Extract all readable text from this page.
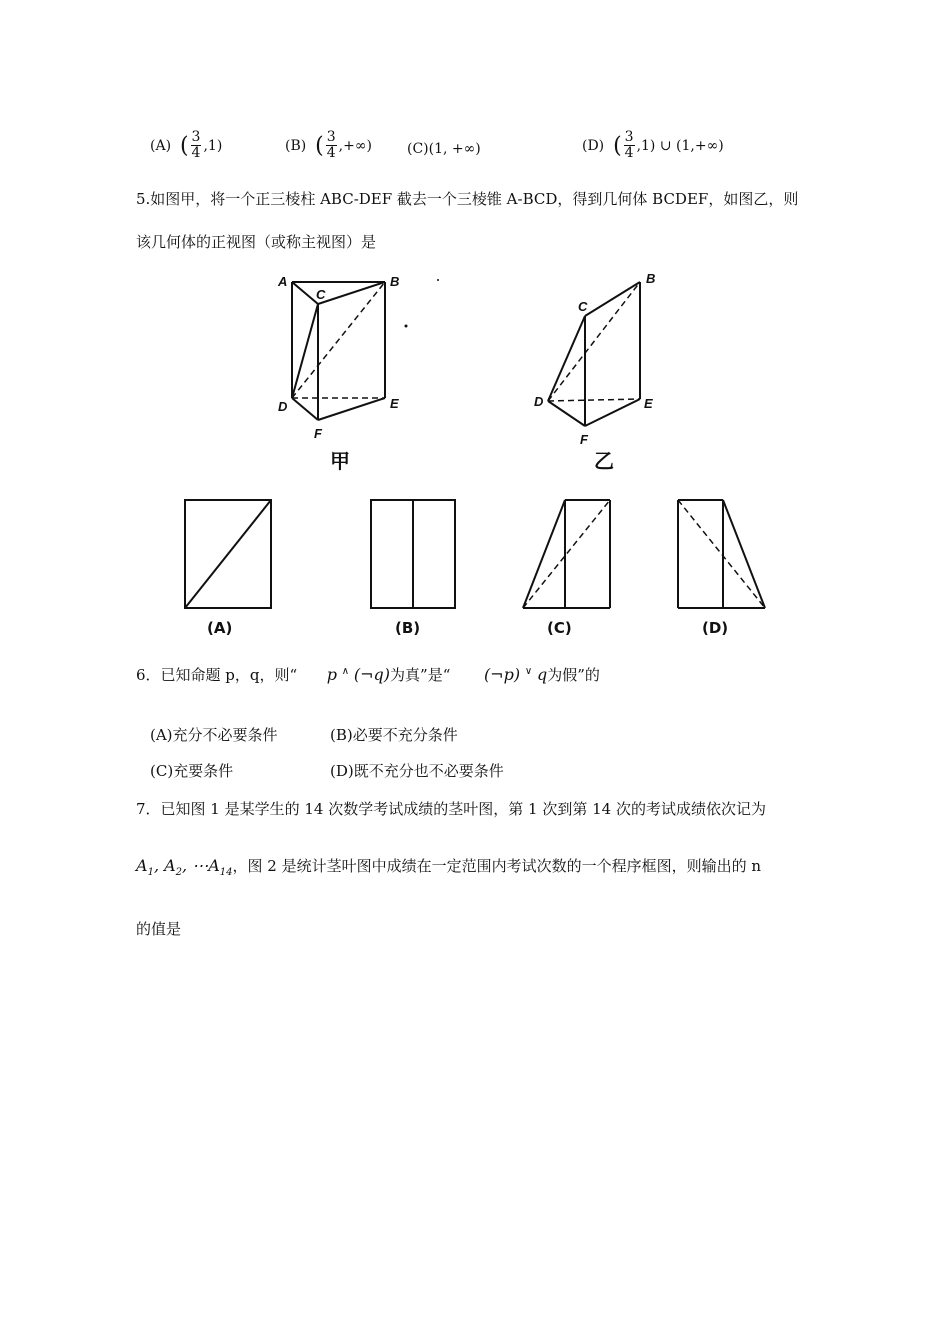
(A) ( $\frac{3}{4} ,1$)	(B) ( $\frac{3}{4}$ ,+∞)	(C)(1, +∞)	(D) ( $\frac{3}{4} ,1$) ∪ (1,+∞)
5.如图甲，将一个正三棱柱 ABC-DEF 截去一个三棱锥 A-BCD，得到几何体 BCDEF，如图乙，则
该几何体的正视图（或称主视图）是
A	B
C
D	E
F
甲
B
C
D	E
F
乙
(A)	(B)	(C)	(D)
6．已知命题 p，q，则“ p ∧ (¬q)为真”是“ (¬p) ∨ q为假”的
(A)充分不必要条件	(B)必要不充分条件
(C)充要条件	(D)既不充分也不必要条件
7．已知图 1 是某学生的 14 次数学考试成绩的茎叶图，第 1 次到第 14 次的考试成绩依次记为
$A_1$, $A_2$, $\cdots A_{14}$，图 2 是统计茎叶图中成绩在一定范围内考试次数的一个程序框图，则输出的 n
的值是
